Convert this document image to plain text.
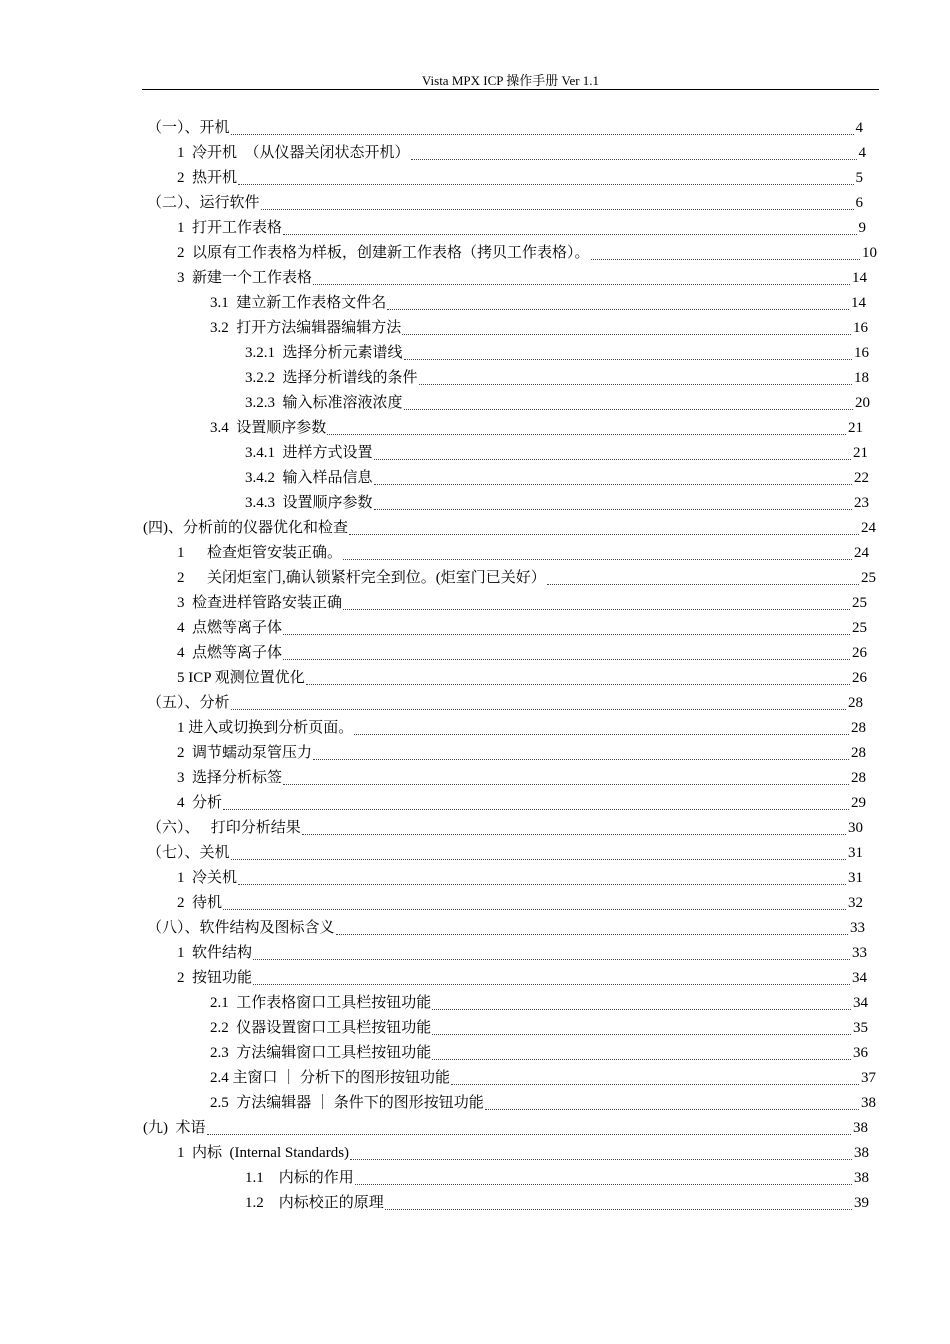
Vista MPX ICP 操作手册 Ver 1.1
（一）、开机	4
1  冷开机  （从仪器关闭状态开机）	4
2  热开机	5
（二）、运行软件	6
1  打开工作表格	9
2  以原有工作表格为样板，创建新工作表格（拷贝工作表格）。	10
3  新建一个工作表格	14
3.1  建立新工作表格文件名	14
3.2  打开方法编辑器编辑方法	16
3.2.1  选择分析元素谱线	16
3.2.2  选择分析谱线的条件	18
3.2.3  输入标准溶液浓度	20
3.4  设置顺序参数	21
3.4.1  进样方式设置	21
3.4.2  输入样品信息	22
3.4.3  设置顺序参数	23
(四)、分析前的仪器优化和检查	24
1      检查炬管安装正确。	24
2      关闭炬室门,确认锁紧杆完全到位。(炬室门已关好）	25
3  检查进样管路安装正确	25
4  点燃等离子体	25
4  点燃等离子体	26
5 ICP 观测位置优化	26
（五）、分析	28
1 进入或切换到分析页面。	28
2  调节蠕动泵管压力	28
3  选择分析标签	28
4  分析	29
（六）、   打印分析结果	30
（七）、关机	31
1  冷关机	31
2  待机	32
（八）、软件结构及图标含义	33
1  软件结构	33
2  按钮功能	34
2.1  工作表格窗口工具栏按钮功能	34
2.2  仪器设置窗口工具栏按钮功能	35
2.3  方法编辑窗口工具栏按钮功能	36
2.4 主窗口 ｜ 分析下的图形按钮功能	37
2.5  方法编辑器 ｜ 条件下的图形按钮功能	38
(九)  术语	38
1  内标  (Internal Standards)	38
1.1    内标的作用	38
1.2    内标校正的原理	39
